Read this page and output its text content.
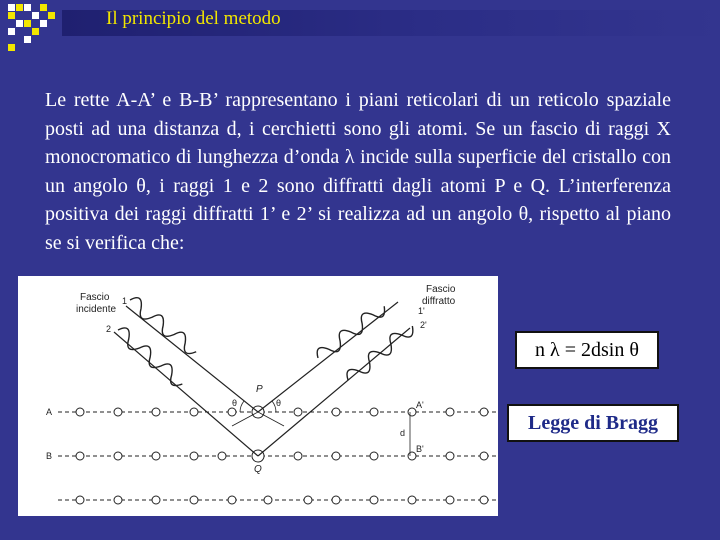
Il principio del metodo

Le rette A-A’ e B-B’ rappresentano i piani reticolari di un reticolo spaziale posti ad una distanza d, i cerchietti sono gli atomi. Se un fascio di raggi X monocromatico di lunghezza d’onda λ incide sulla superficie del cristallo con un angolo θ, i raggi 1 e 2 sono diffratti dagli atomi P e Q. L’interferenza positiva dei raggi diffratti 1’ e 2’ si realizza ad un angolo θ, rispetto al piano se si verifica che:

Fascio
incidente
Fascio
diffratto
P
Q
A
A'
B
B'
1
2
1'
2'
d
θ	θ
n λ = 2dsin θ
Legge di Bragg
